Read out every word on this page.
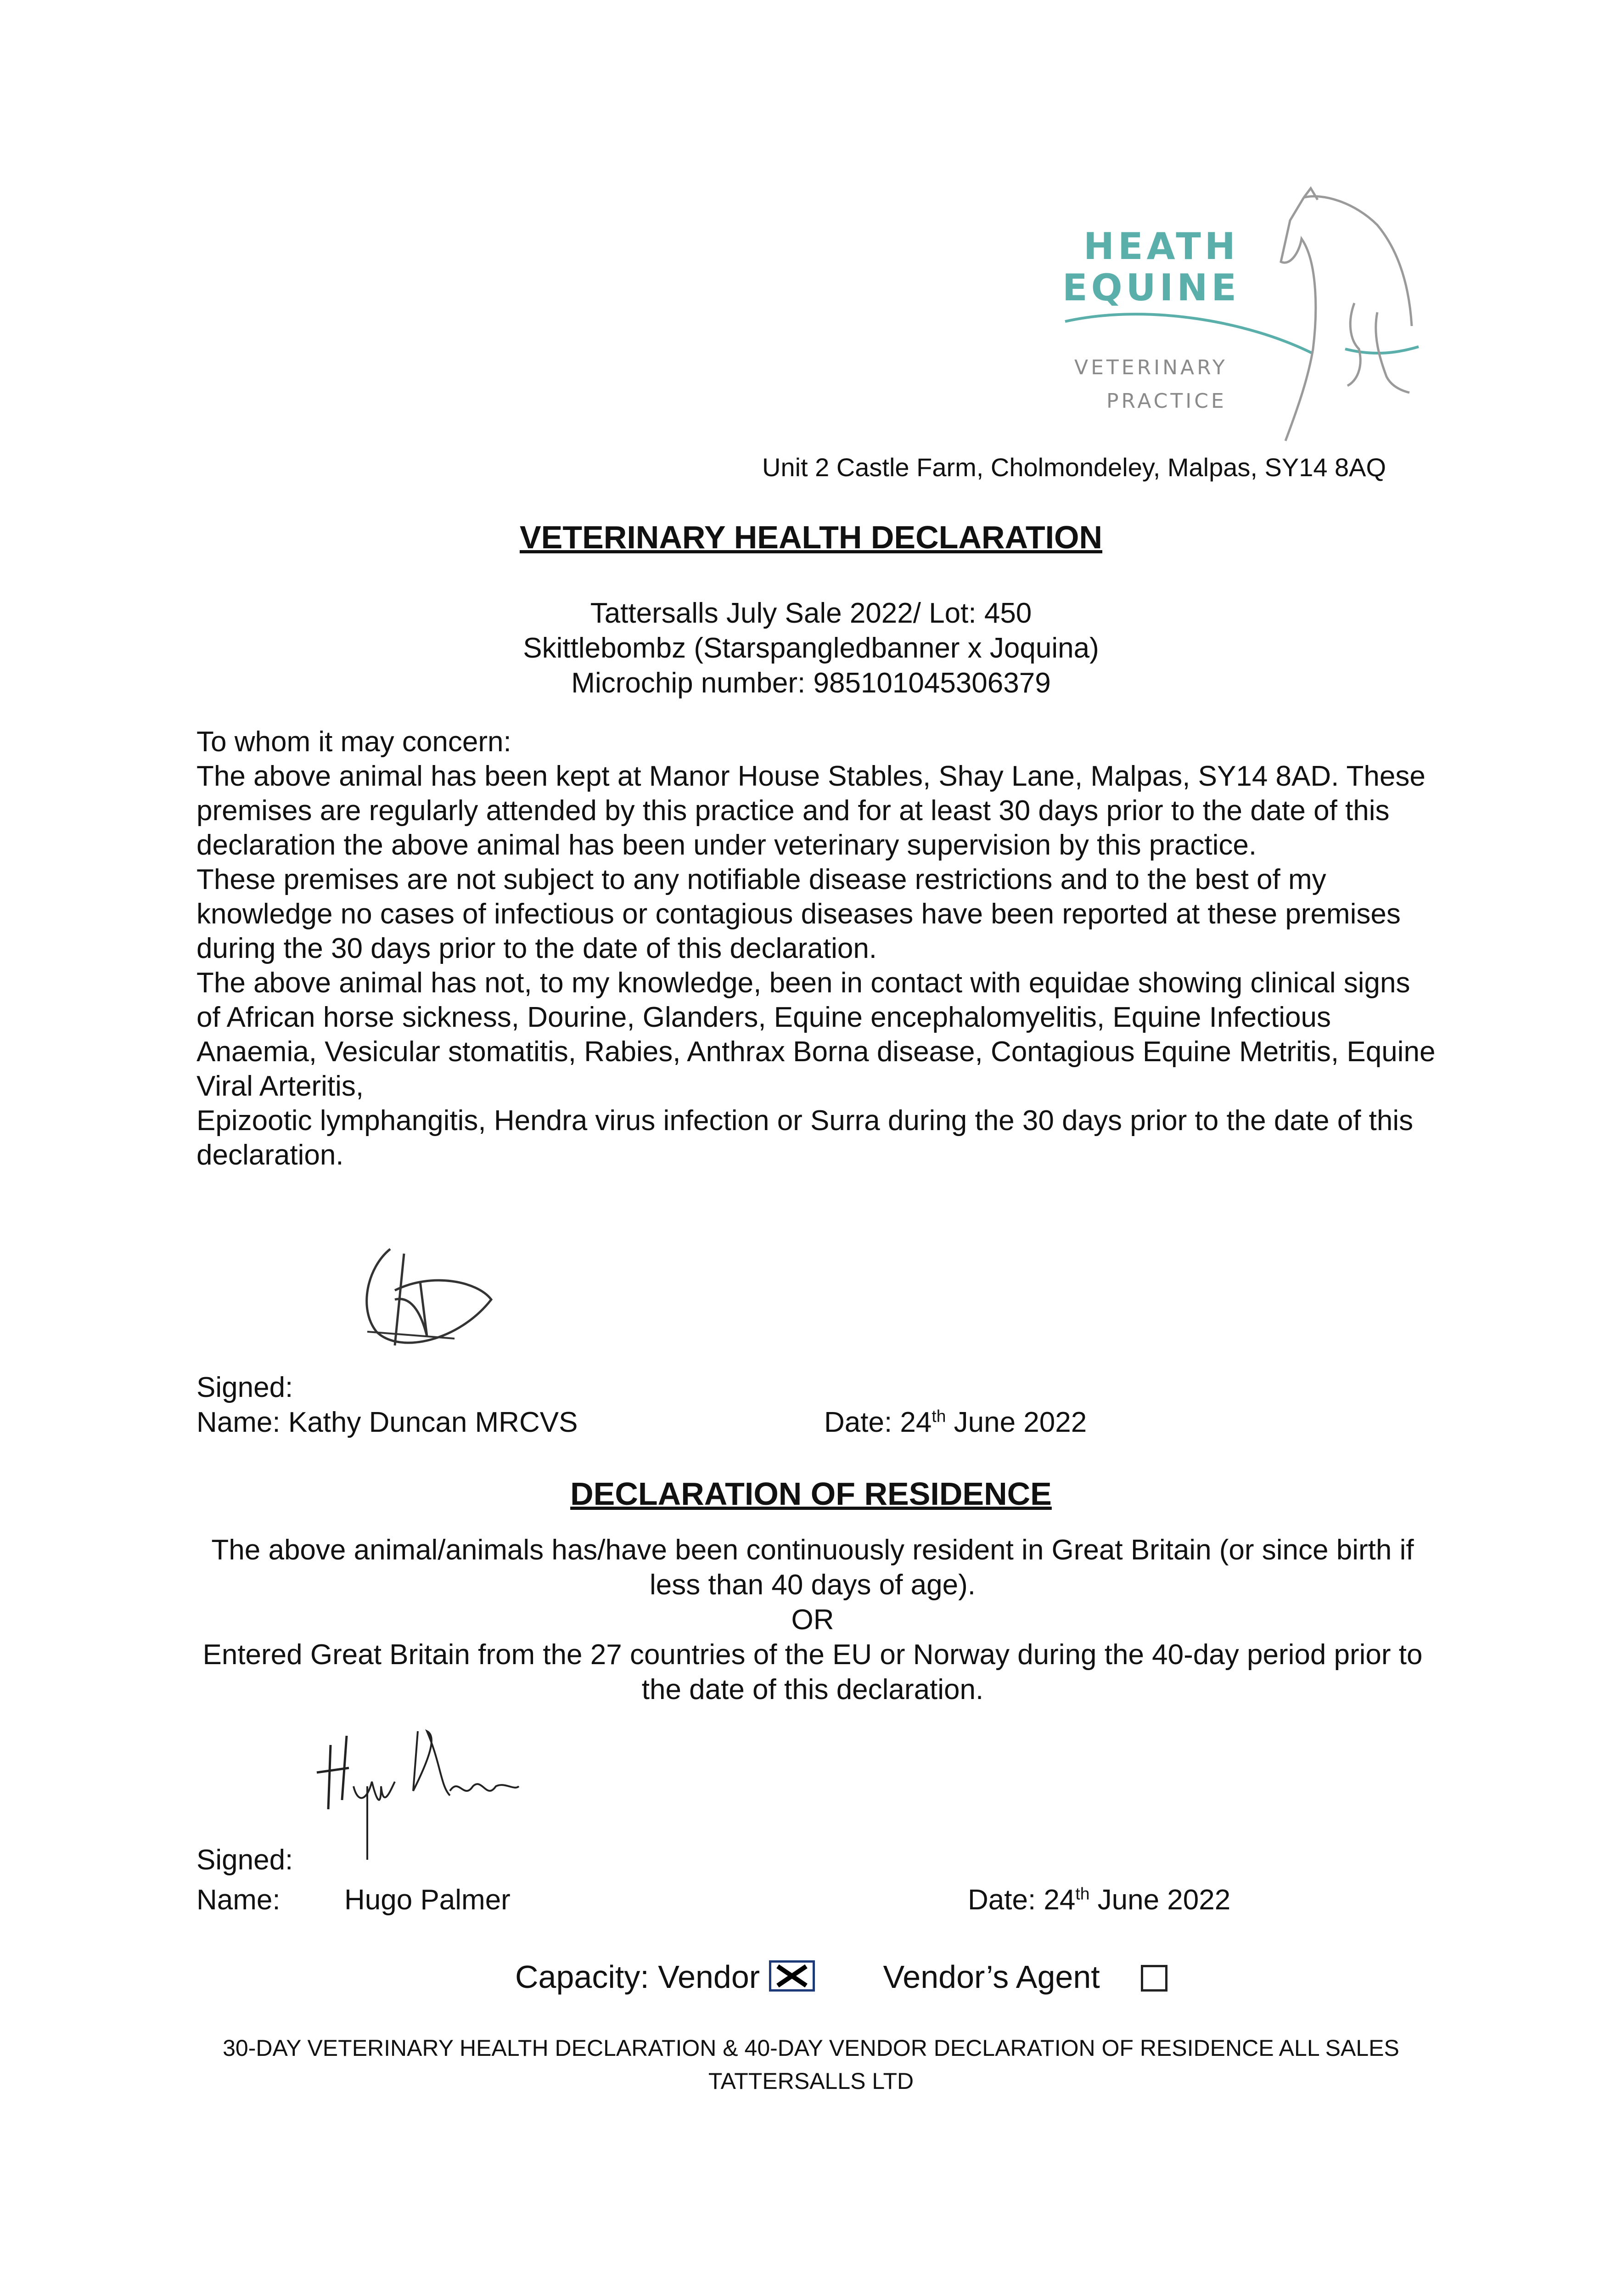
HEATH
EQUINE
VETERINARY
PRACTICE
Unit 2 Castle Farm, Cholmondeley, Malpas, SY14 8AQ
VETERINARY HEALTH DECLARATION
Tattersalls July Sale 2022/ Lot: 450
Skittlebombz (Starspangledbanner x Joquina)
Microchip number: 985101045306379

To whom it may concern:

The above animal has been kept at Manor House Stables, Shay Lane, Malpas, SY14 8AD. These premises are regularly attended by this practice and for at least 30 days prior to the date of this declaration the above animal has been under veterinary supervision by this practice.

These premises are not subject to any notifiable disease restrictions and to the best of my knowledge no cases of infectious or contagious diseases have been reported at these premises during the 30 days prior to the date of this declaration.

The above animal has not, to my knowledge, been in contact with equidae showing clinical signs of African horse sickness, Dourine, Glanders, Equine encephalomyelitis, Equine Infectious Anaemia, Vesicular stomatitis, Rabies, Anthrax Borna disease, Contagious Equine Metritis, Equine Viral Arteritis,

Epizootic lymphangitis, Hendra virus infection or Surra during the 30 days prior to the date of this declaration.

Signed:
Name: Kathy Duncan MRCVS	Date: 24th June 2022
DECLARATION OF RESIDENCE

The above animal/animals has/have been continuously resident in Great Britain (or since birth if less than 40 days of age).

OR

Entered Great Britain from the 27 countries of the EU or Norway during the 40-day period prior to the date of this declaration.

Signed:
Name: Hugo Palmer	Date: 24th June 2022
Capacity: Vendor	Vendor’s Agent

30-DAY VETERINARY HEALTH DECLARATION & 40-DAY VENDOR DECLARATION OF RESIDENCE ALL SALES

TATTERSALLS LTD
